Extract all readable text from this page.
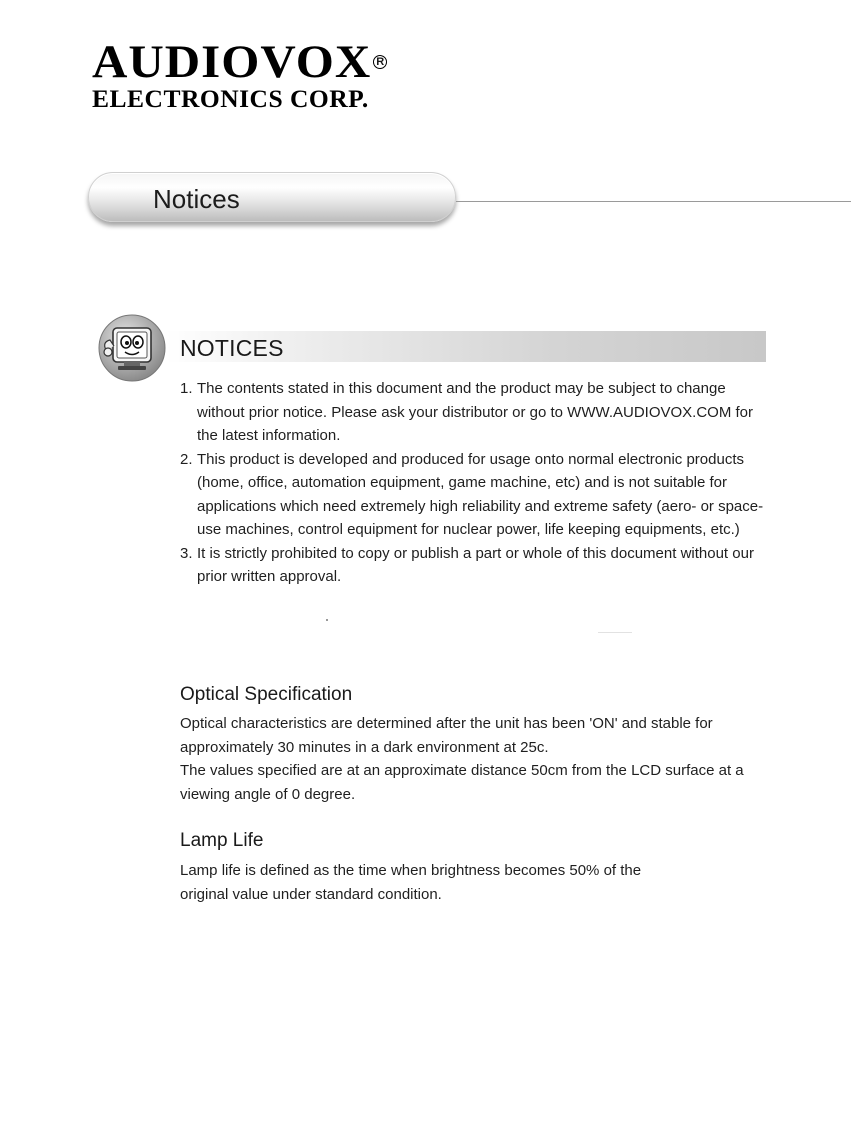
AUDIOVOX R
ELECTRONICS CORP.
Notices
NOTICES
1. The contents stated in this document and the product may be subject to change without prior notice. Please ask your distributor or go to WWW.AUDIOVOX.COM for the latest information.
2. This product is developed and produced for usage onto normal electronic products (home, office, automation equipment, game machine, etc) and is not suitable for applications which need extremely high reliability and extreme safety (aero- or space-use machines, control equipment for nuclear power, life keeping equipments, etc.)
3. It is strictly prohibited to copy or publish a part or whole of this document without our prior written approval.
Optical Specification

Optical characteristics are determined after the unit has been 'ON' and stable for approximately 30 minutes in a dark environment at 25c.

The values specified are at an approximate distance 50cm from the LCD surface at a viewing angle of 0 degree.

Lamp Life

Lamp life is defined as the time when brightness becomes 50% of the original value under standard condition.
